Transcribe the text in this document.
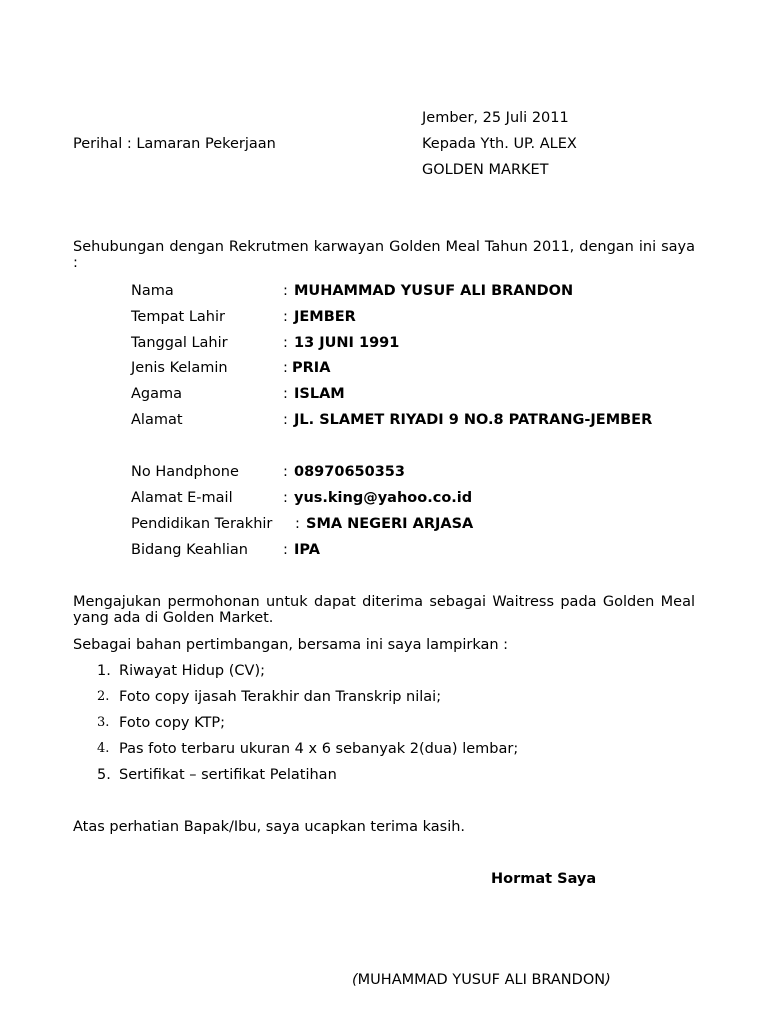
Jember, 25 Juli 2011
Perihal : Lamaran Pekerjaan	Kepada Yth. UP. ALEX
GOLDEN MARKET
Sehubungan dengan Rekrutmen karwayan Golden Meal Tahun 2011, dengan ini saya :
Nama	: MUHAMMAD YUSUF ALI BRANDON
Tempat Lahir	: JEMBER
Tanggal Lahir	: 13 JUNI 1991
Jenis Kelamin	: PRIA
Agama	: ISLAM
Alamat	: JL. SLAMET RIYADI 9 NO.8 PATRANG-JEMBER
No Handphone	: 08970650353
Alamat E-mail	: yus.king@yahoo.co.id
Pendidikan Terakhir : SMA NEGERI ARJASA
Bidang Keahlian : IPA
Mengajukan permohonan untuk dapat diterima sebagai Waitress pada Golden Meal yang ada di Golden Market.
Sebagai bahan pertimbangan, bersama ini saya lampirkan :
1. Riwayat Hidup (CV);
2. Foto copy ijasah Terakhir dan Transkrip nilai;
3. Foto copy KTP;
4. Pas foto terbaru ukuran 4 x 6 sebanyak 2(dua) lembar;
5. Sertifikat – sertifikat Pelatihan
Atas perhatian Bapak/Ibu, saya ucapkan terima kasih.
Hormat Saya
(MUHAMMAD YUSUF ALI BRANDON)
